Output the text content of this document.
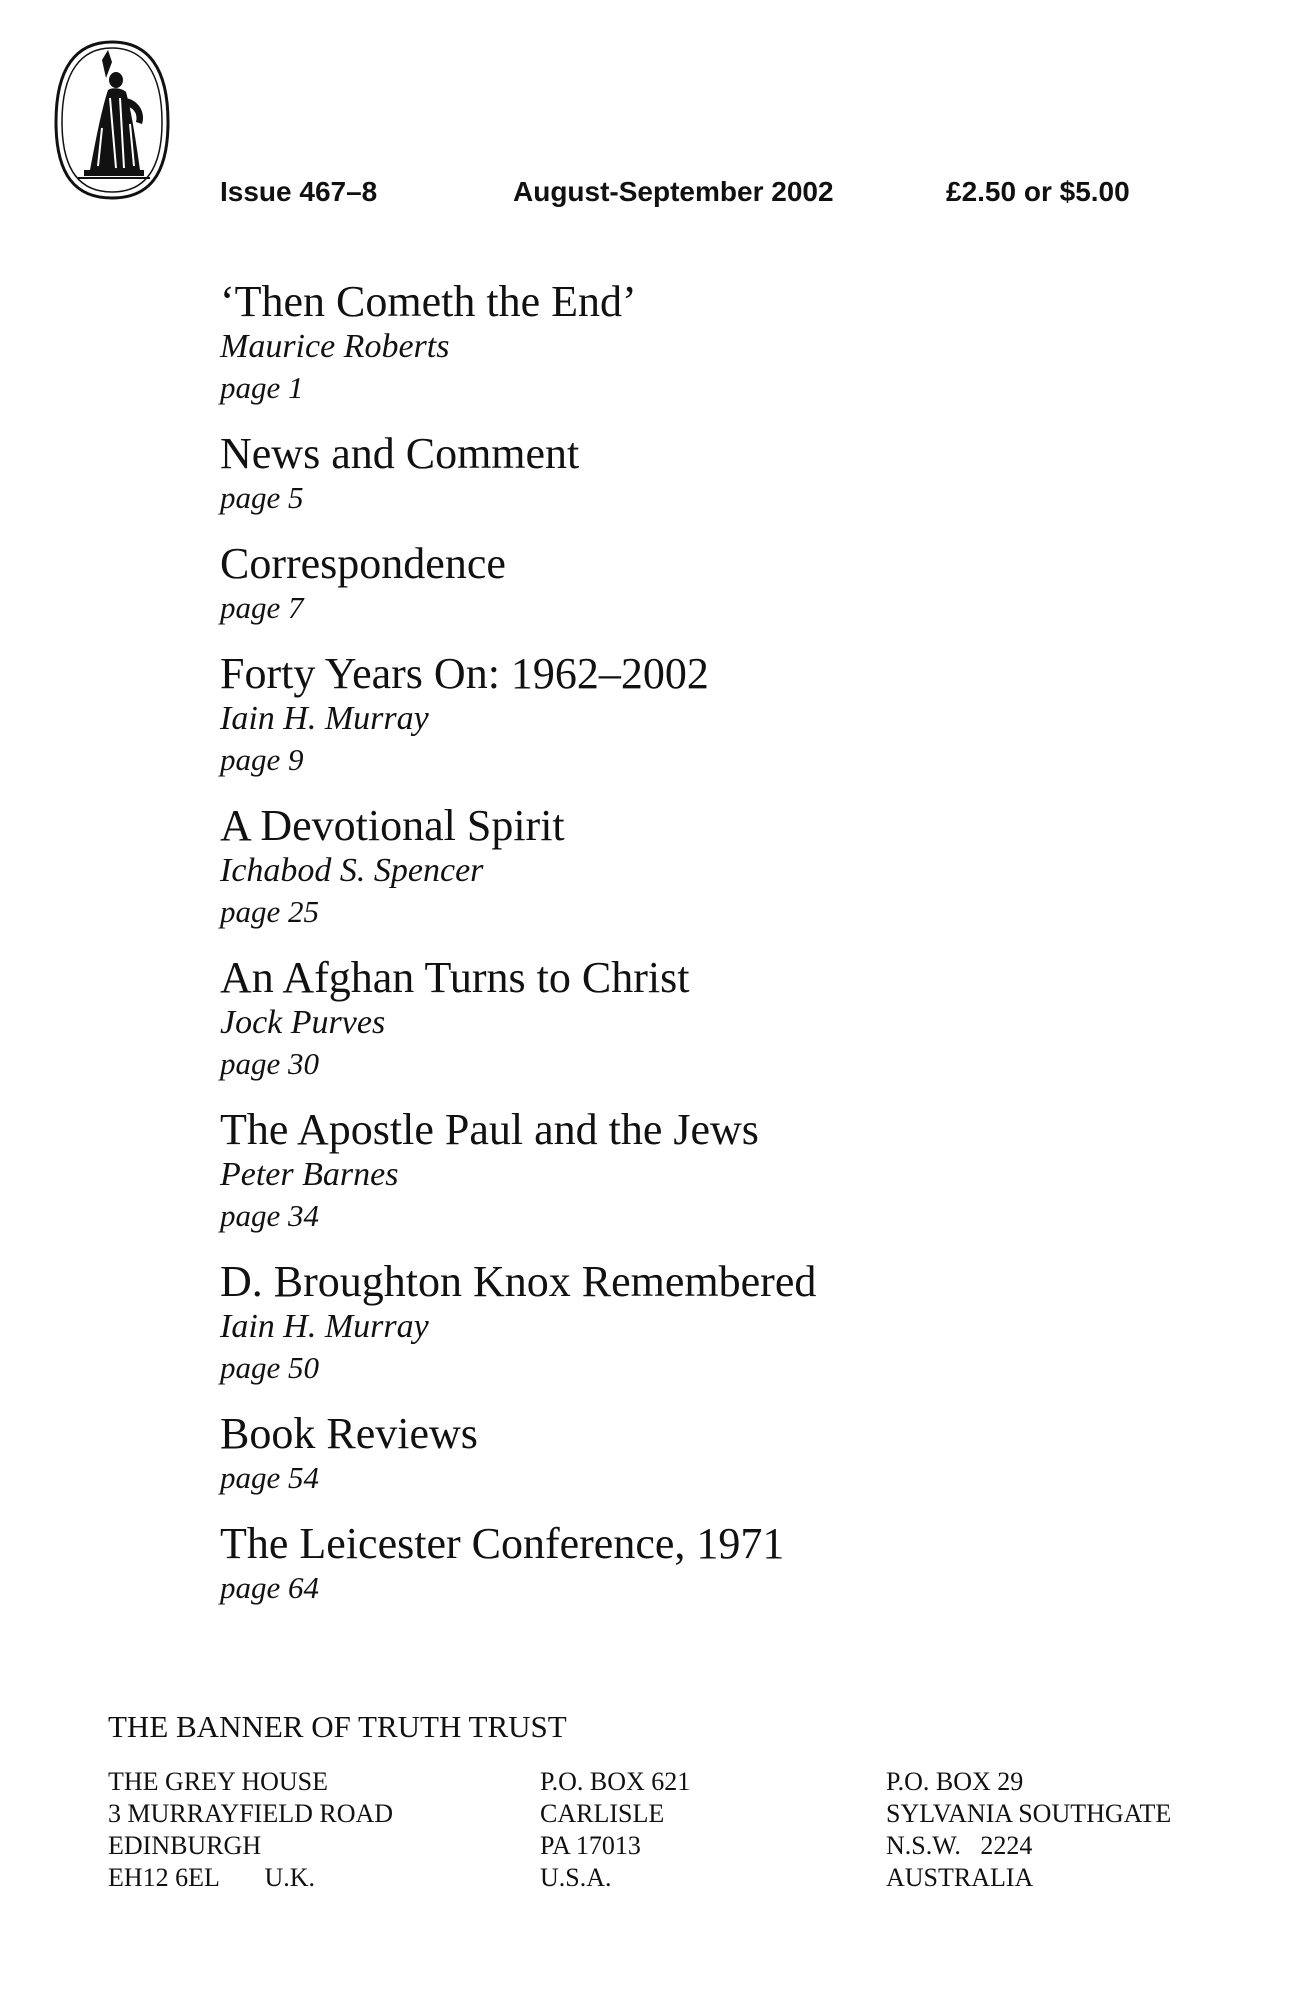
Issue 467–8	August-September 2002	£2.50 or $5.00
‘Then Cometh the End’
Maurice Roberts
page 1
News and Comment
page 5
Correspondence
page 7
Forty Years On: 1962–2002
Iain H. Murray
page 9
A Devotional Spirit
Ichabod S. Spencer
page 25
An Afghan Turns to Christ
Jock Purves
page 30
The Apostle Paul and the Jews
Peter Barnes
page 34
D. Broughton Knox Remembered
Iain H. Murray
page 50
Book Reviews
page 54
The Leicester Conference, 1971
page 64
THE BANNER OF TRUTH TRUST
THE GREY HOUSE
3 MURRAYFIELD ROAD
EDINBURGH
EH12 6EL       U.K.
P.O. BOX 621
CARLISLE
PA 17013
U.S.A.
P.O. BOX 29
SYLVANIA SOUTHGATE
N.S.W.   2224
AUSTRALIA
